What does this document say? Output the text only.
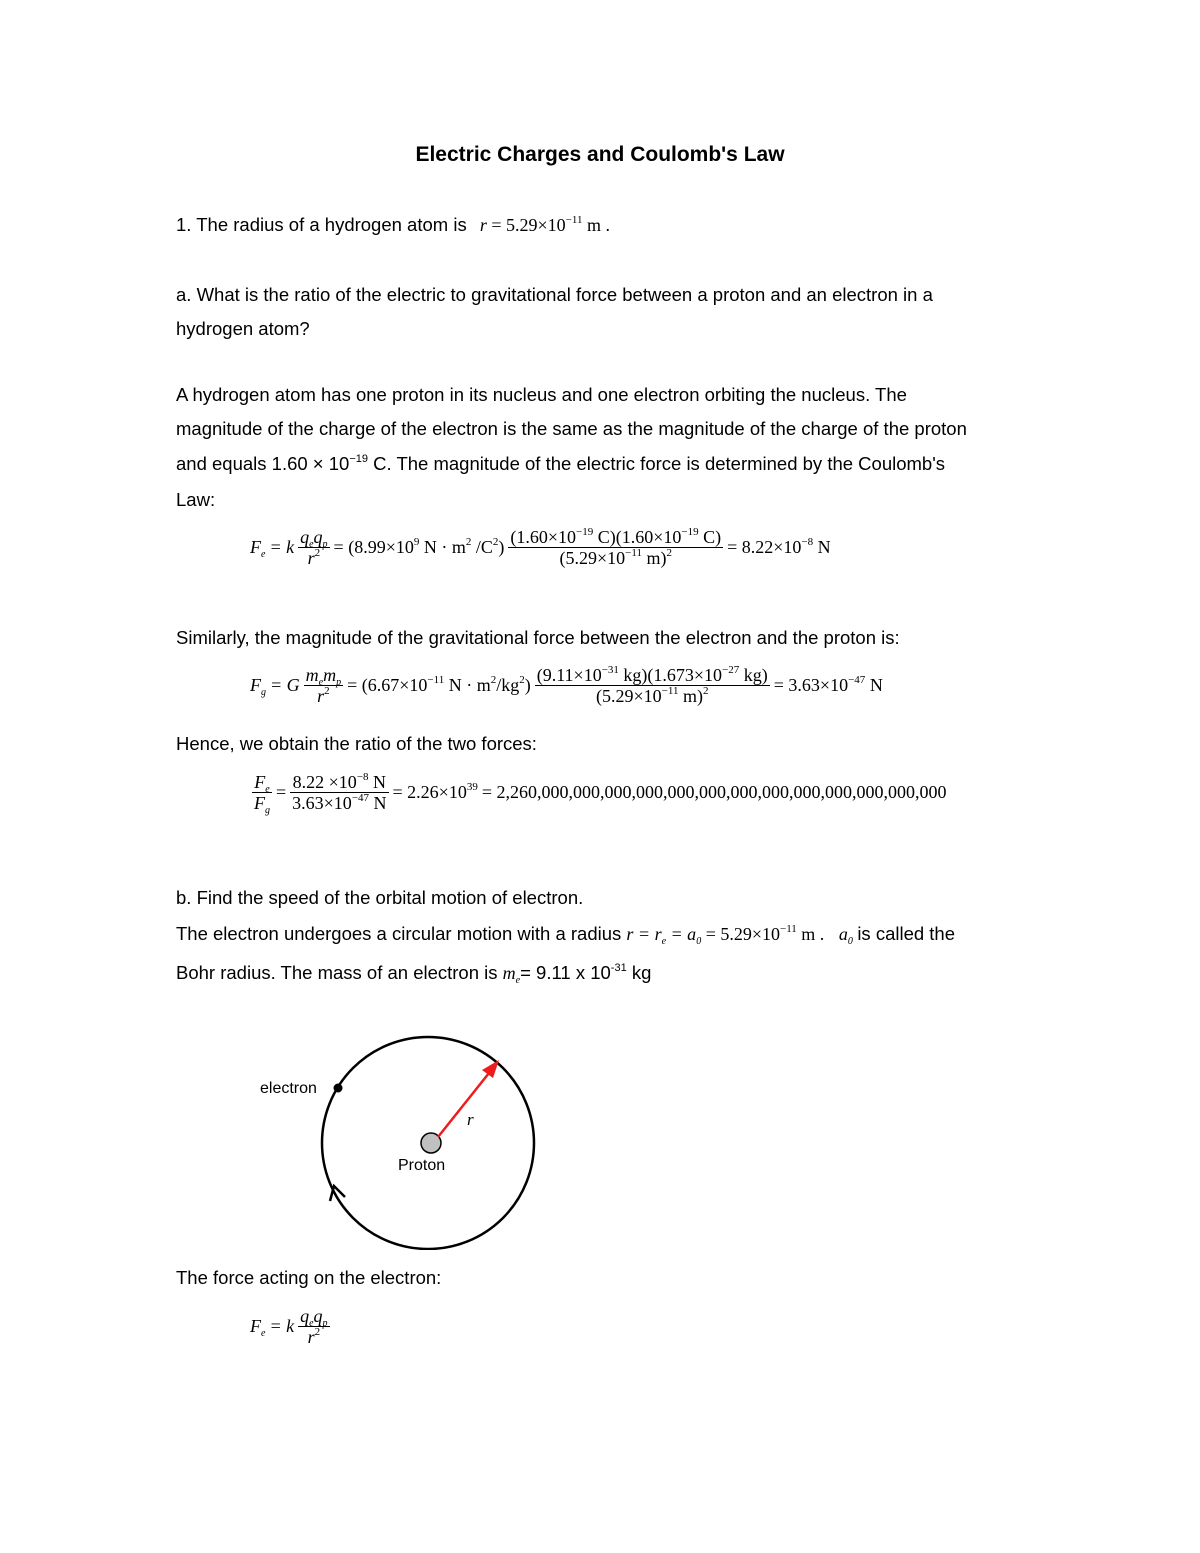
Electric Charges and Coulomb's Law
1. The radius of a hydrogen atom is $r = 5.29\times 10^{-11}$ m .
a. What is the ratio of the electric to gravitational force between a proton and an electron in a
hydrogen atom?
A hydrogen atom has one proton in its nucleus and one electron orbiting the nucleus. The
magnitude of the charge of the electron is the same as the magnitude of the charge of the proton
and equals $1.60 \times 10^{-19}$ C. The magnitude of the electric force is determined by the Coulomb's
Law:
$F_e = k \frac{q_eq_p}{r^2} = (8.99\times 10^9$ $N \cdot m^2$ $/C^2) \frac{(1.60\times 10^{-19} C)(1.60\times 10^{-19} C)}{(5.29\times 10^{-11} m)^2} = 8.22\times 10^{-8}$ N
Similarly, the magnitude of the gravitational force between the electron and the proton is:
$F_g = G \frac{m_em_p}{r^2} = (6.67\times 10^{-11}$ $N \cdot m^2/kg^2) \frac{(9.11\times 10^{-31} kg)(1.673\times 10^{-27} kg)}{(5.29\times 10^{-11} m)^2} = 3.63\times 10^{-47}$ N
Hence, we obtain the ratio of the two forces:
$\frac{F_e}{F_g} = \frac{8.22 \times 10^{-8} N}{3.63\times 10^{-47} N} = 2.26\times 10^{39} = 2,260,000,000,000,000,000,000,000,000,000,000,000,000,000$
b. Find the speed of the orbital motion of electron.
The electron undergoes a circular motion with a radius $r = r_e = a_0 = 5.29\times 10^{-11}$ m . $a_0$ is called the
Bohr radius. The mass of an electron is $m_e= 9.11$ x $10^{-31}$ kg
electron
Proton
r
The force acting on the electron:
$F_e = k \frac{q_eq_p}{r^2}$
